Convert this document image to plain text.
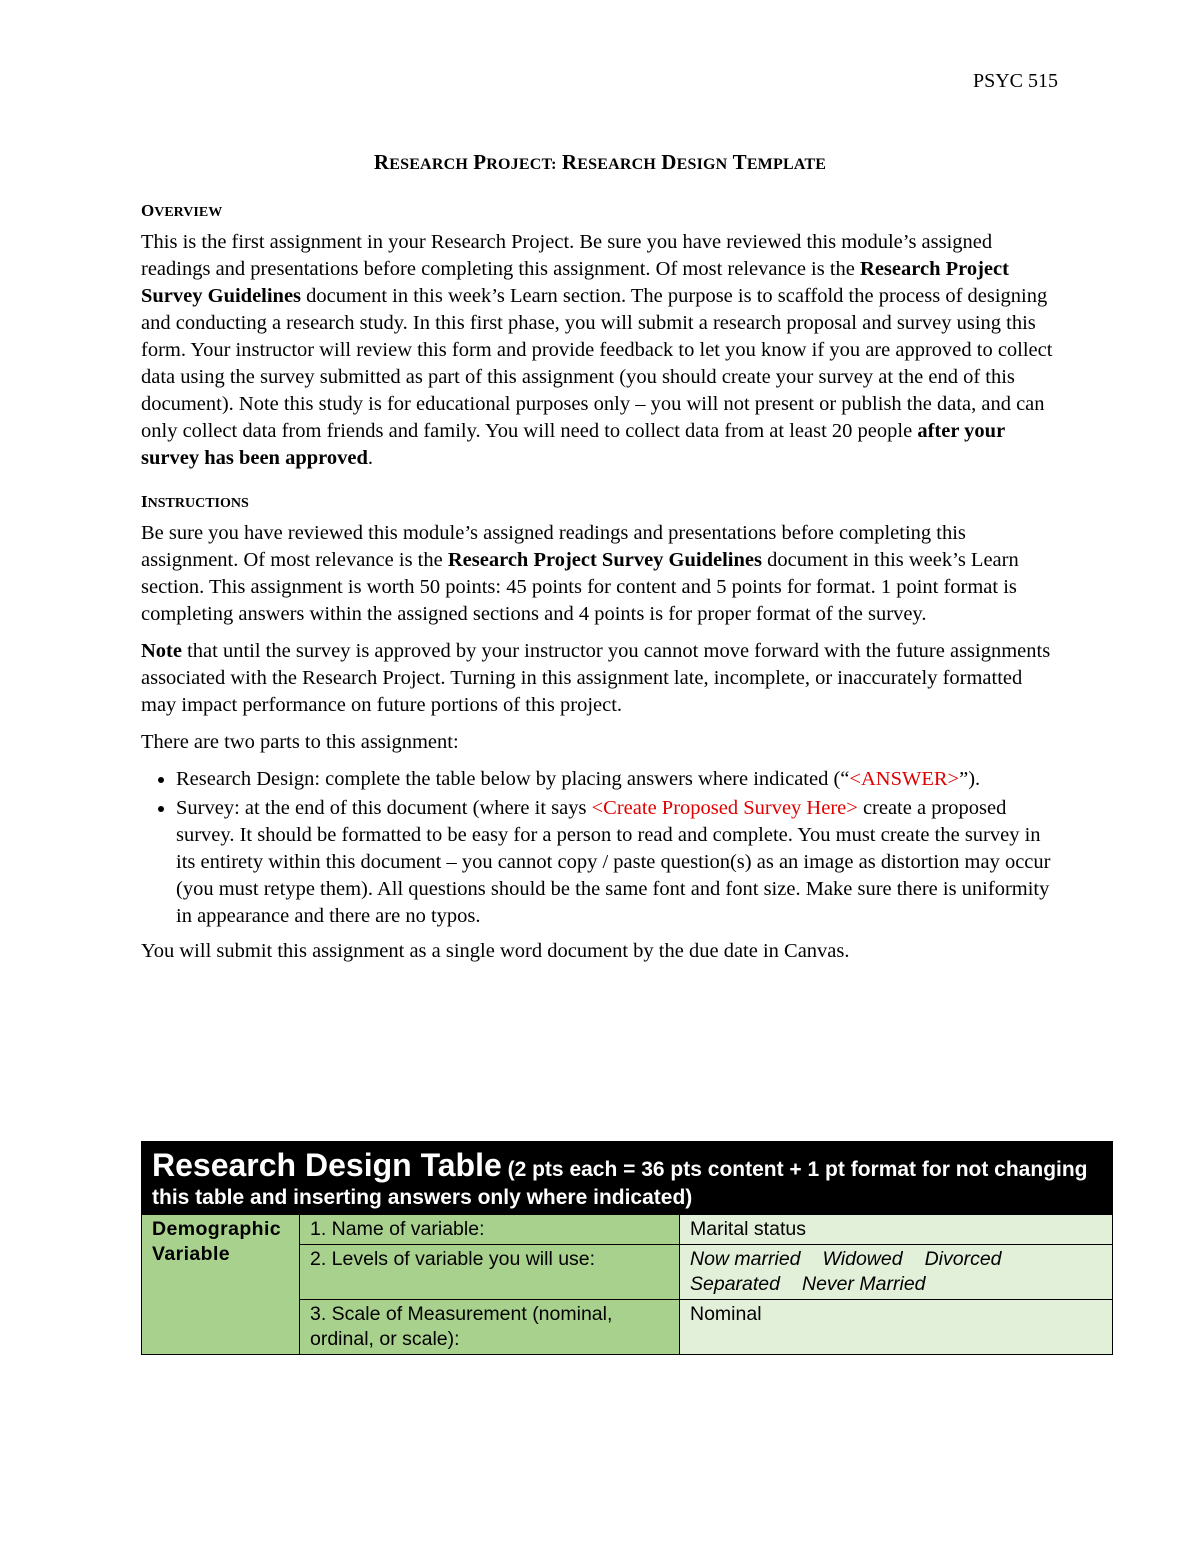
PSYC 515
RESEARCH PROJECT: RESEARCH DESIGN TEMPLATE
OVERVIEW

This is the first assignment in your Research Project. Be sure you have reviewed this module’s assigned readings and presentations before completing this assignment. Of most relevance is the Research Project Survey Guidelines document in this week’s Learn section. The purpose is to scaffold the process of designing and conducting a research study. In this first phase, you will submit a research proposal and survey using this form. Your instructor will review this form and provide feedback to let you know if you are approved to collect data using the survey submitted as part of this assignment (you should create your survey at the end of this document). Note this study is for educational purposes only – you will not present or publish the data, and can only collect data from friends and family. You will need to collect data from at least 20 people after your survey has been approved.

INSTRUCTIONS

Be sure you have reviewed this module’s assigned readings and presentations before completing this assignment. Of most relevance is the Research Project Survey Guidelines document in this week’s Learn section. This assignment is worth 50 points: 45 points for content and 5 points for format. 1 point format is completing answers within the assigned sections and 4 points is for proper format of the survey.

Note that until the survey is approved by your instructor you cannot move forward with the future assignments associated with the Research Project. Turning in this assignment late, incomplete, or inaccurately formatted may impact performance on future portions of this project.

There are two parts to this assignment:

• Research Design: complete the table below by placing answers where indicated (“<ANSWER>”).
• Survey: at the end of this document (where it says <Create Proposed Survey Here> create a proposed survey. It should be formatted to be easy for a person to read and complete. You must create the survey in its entirety within this document – you cannot copy / paste question(s) as an image as distortion may occur (you must retype them). All questions should be the same font and font size. Make sure there is uniformity in appearance and there are no typos.

You will submit this assignment as a single word document by the due date in Canvas.

Research Design Table (2 pts each = 36 pts content + 1 pt format for not changing this table and inserting answers only where indicated)		
Demographic Variable	1. Name of variable:	Marital status
	2. Levels of variable you will use:	Now married Widowed Divorced
Separated Never Married
	3. Scale of Measurement (nominal, ordinal, or scale):	Nominal
